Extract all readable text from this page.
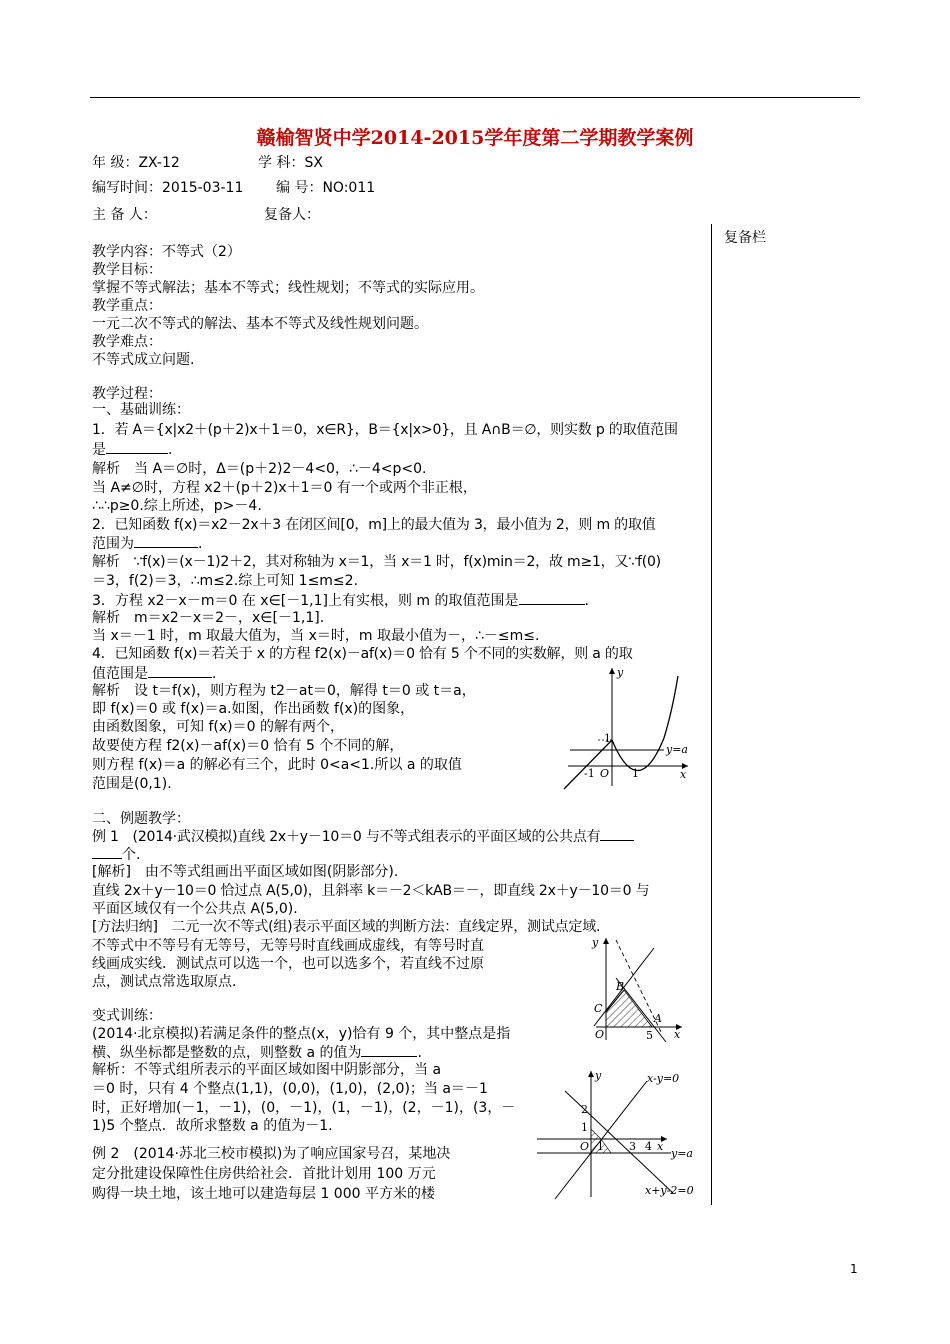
赣榆智贤中学2014-2015学年度第二学期教学案例
年 级：ZX-12	学 科：SX
编写时间：2015-03-11 编 号：NO:011
主 备 人：	复备人：
复备栏
教学内容：不等式（2）
教学目标：
掌握不等式解法；基本不等式；线性规划；不等式的实际应用。
教学重点：
一元二次不等式的解法、基本不等式及线性规划问题。
教学难点：
不等式成立问题.
教学过程：
一、基础训练：
1．若 A＝{x|x2＋(p＋2)x＋1＝0，x∈R}，B＝{x|x>0}，且 A∩B＝∅，则实数 p 的取值范围
是	.
解析　当 A＝∅时，Δ＝(p＋2)2－4<0，∴－4<p<0.
当 A≠∅时，方程 x2＋(p＋2)x＋1＝0 有一个或两个非正根，
∴∴p≥0.综上所述，p>－4.
2．已知函数 f(x)＝x2－2x＋3 在闭区间[0，m]上的最大值为 3，最小值为 2，则 m 的取值
范围为	.
解析　∵f(x)＝(x－1)2＋2，其对称轴为 x＝1，当 x＝1 时，f(x)min＝2，故 m≥1，又∵f(0)
＝3，f(2)＝3，∴m≤2.综上可知 1≤m≤2.
3．方程 x2－x－m＝0 在 x∈[－1,1]上有实根，则 m 的取值范围是	.
解析　m＝x2－x＝2－，x∈[－1,1].
当 x＝－1 时，m 取最大值为，当 x＝时，m 取最小值为－，∴－≤m≤.
4．已知函数 f(x)＝若关于 x 的方程 f2(x)－af(x)＝0 恰有 5 个不同的实数解，则 a 的取
值范围是	.
解析　设 t＝f(x)，则方程为 t2－at＝0，解得 t＝0 或 t＝a，
即 f(x)＝0 或 f(x)＝a.如图，作出函数 f(x)的图象，
由函数图象，可知 f(x)＝0 的解有两个，
故要使方程 f2(x)－af(x)＝0 恰有 5 个不同的解，
则方程 f(x)＝a 的解必有三个，此时 0<a<1.所以 a 的取值
范围是(0,1).
二、例题教学：
例 1　(2014·武汉模拟)直线 2x＋y－10＝0 与不等式组表示的平面区域的公共点有
个.
[解析]　由不等式组画出平面区域如图(阴影部分).
直线 2x＋y－10＝0 恰过点 A(5,0)，且斜率 k＝－2＜kAB＝－，即直线 2x＋y－10＝0 与
平面区域仅有一个公共点 A(5,0).
[方法归纳]　二元一次不等式(组)表示平面区域的判断方法：直线定界，测试点定域.
不等式中不等号有无等号，无等号时直线画成虚线，有等号时直
线画成实线．测试点可以选一个，也可以选多个，若直线不过原
点，测试点常选取原点.
变式训练：
(2014·北京模拟)若满足条件的整点(x，y)恰有 9 个，其中整点是指
横、纵坐标都是整数的点，则整数 a 的值为	.
解析：不等式组所表示的平面区域如图中阴影部分，当 a
＝0 时，只有 4 个整点(1,1)，(0,0)，(1,0)，(2,0)；当 a＝－1
时，正好增加(－1，－1)，(0，－1)，(1，－1)，(2，－1)，(3，－
1)5 个整点．故所求整数 a 的值为－1.
例 2　(2014·苏北三校市模拟)为了响应国家号召，某地决
定分批建设保障性住房供给社会．首批计划用 100 万元
购得一块土地，该土地可以建造每层 1 000 平方米的楼
y
1
y=a
O
-1	1	x
y
B
C
A
O	5 x
y	x-y=0
2
1
O 1 3 4 x
y=a
x+y-2=0
1
